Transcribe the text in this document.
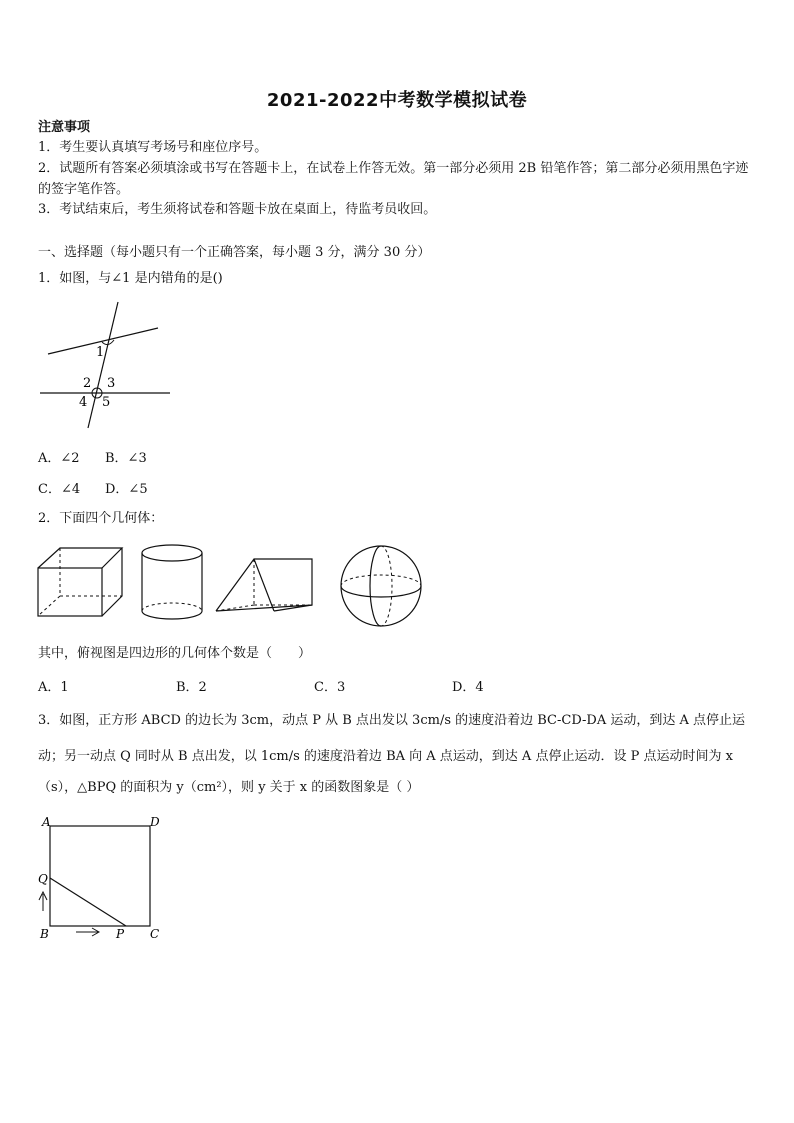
2021-2022中考数学模拟试卷
注意事项
1．考生要认真填写考场号和座位序号。
2．试题所有答案必须填涂或书写在答题卡上，在试卷上作答无效。第一部分必须用 2B 铅笔作答；第二部分必须用黑色字迹的签字笔作答。
3．考试结束后，考生须将试卷和答题卡放在桌面上，待监考员收回。
一、选择题（每小题只有一个正确答案，每小题 3 分，满分 30 分）
1．如图，与∠1 是内错角的是()
1
2 3
4 5
A．∠2 B．∠3
C．∠4 D．∠5
2．下面四个几何体：
其中，俯视图是四边形的几何体个数是（　　）
A．1	B．2	C．3	D．4
3．如图，正方形 ABCD 的边长为 3cm，动点 P 从 B 点出发以 3cm/s 的速度沿着边 BC-CD-DA 运动，到达 A 点停止运
动；另一动点 Q 同时从 B 点出发，以 1cm/s 的速度沿着边 BA 向 A 点运动，到达 A 点停止运动．设 P 点运动时间为 x
（s），△BPQ 的面积为 y（cm²），则 y 关于 x 的函数图象是（ ）
A	D
Q
B	P C
